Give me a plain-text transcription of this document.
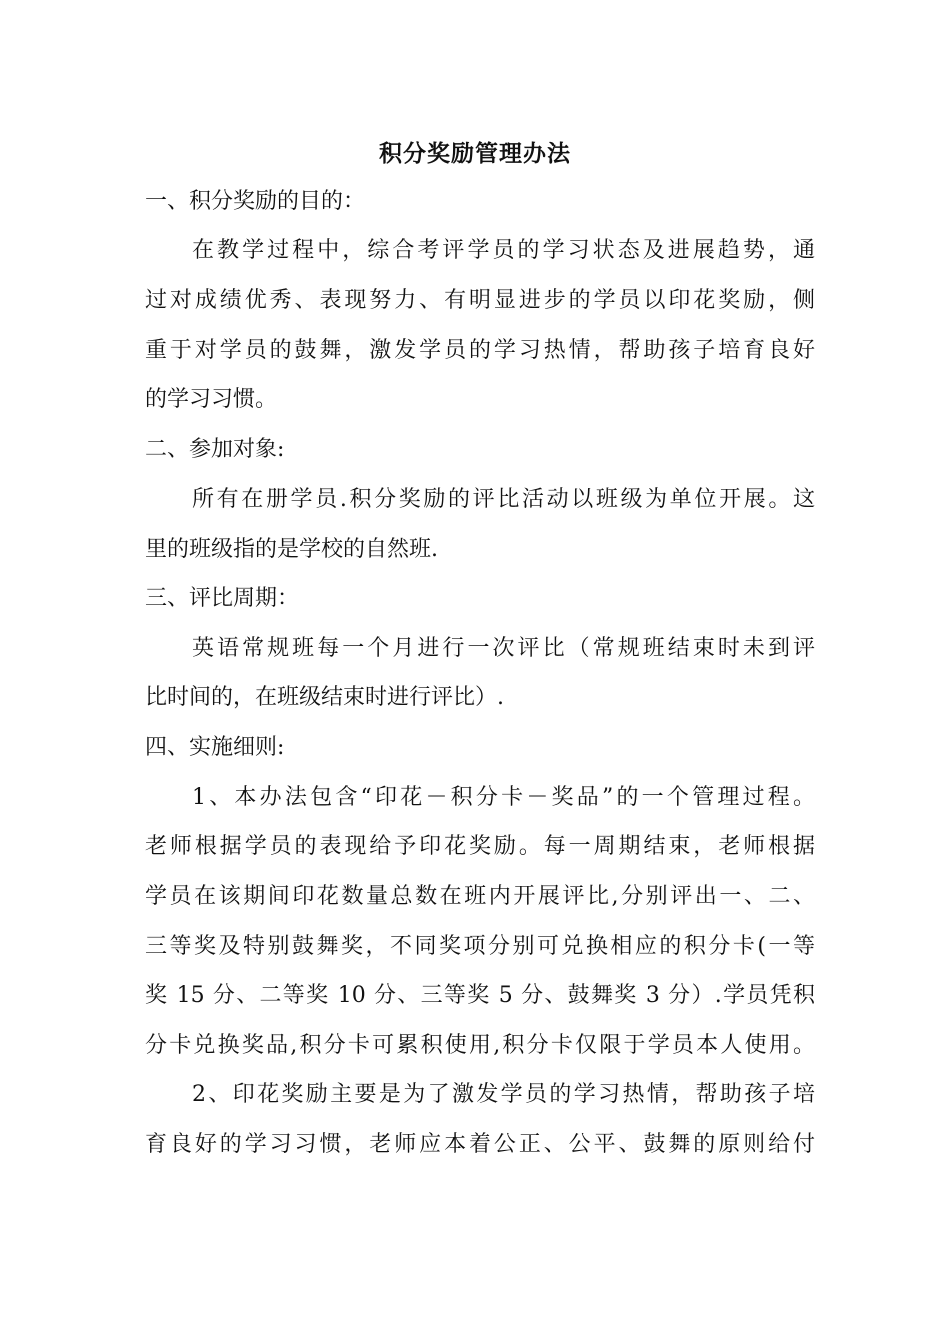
积分奖励管理办法
一、积分奖励的目的：
在教学过程中，综合考评学员的学习状态及进展趋势，通
过对成绩优秀、表现努力、有明显进步的学员以印花奖励，侧
重于对学员的鼓舞，激发学员的学习热情，帮助孩子培育良好
的学习习惯。
二、参加对象:
所有在册学员.积分奖励的评比活动以班级为单位开展。这
里的班级指的是学校的自然班.
三、评比周期：
英语常规班每一个月进行一次评比（常规班结束时未到评
比时间的，在班级结束时进行评比）.
四、实施细则:
1、本办法包含“印花－积分卡－奖品”的一个管理过程。
老师根据学员的表现给予印花奖励。每一周期结束，老师根据
学员在该期间印花数量总数在班内开展评比,分别评出一、二、
三等奖及特别鼓舞奖，不同奖项分别可兑换相应的积分卡(一等
奖 15 分、二等奖 10 分、三等奖 5 分、鼓舞奖 3 分）.学员凭积
分卡兑换奖品,积分卡可累积使用,积分卡仅限于学员本人使用。
2、印花奖励主要是为了激发学员的学习热情，帮助孩子培
育良好的学习习惯，老师应本着公正、公平、鼓舞的原则给付
